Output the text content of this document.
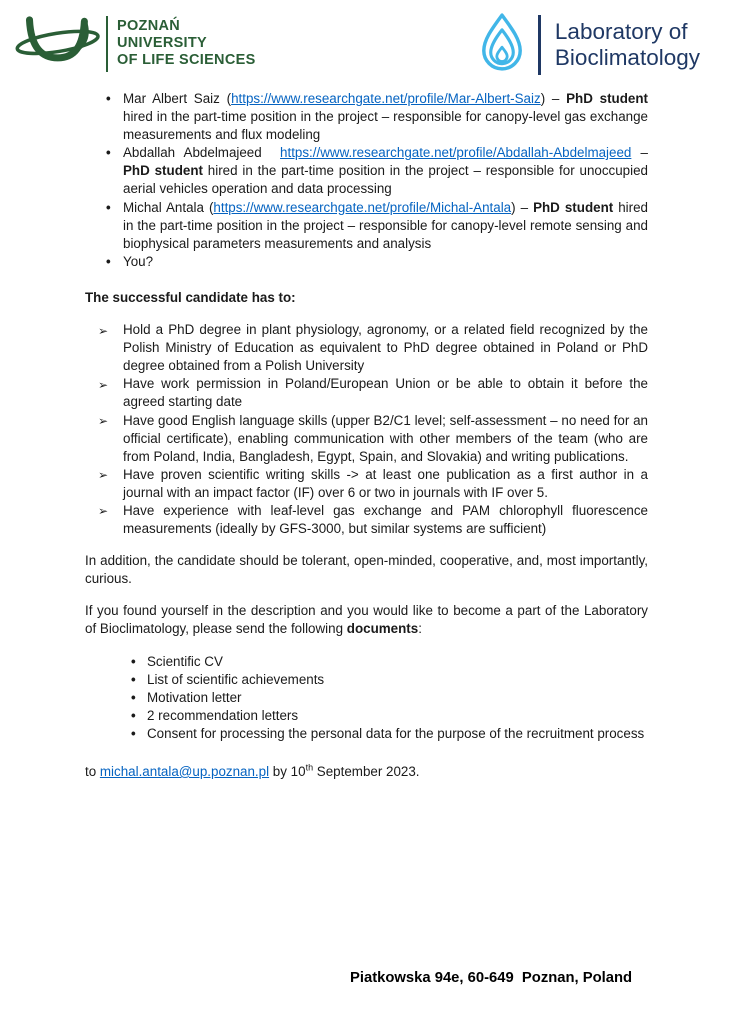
POZNAŃ
UNIVERSITY
OF LIFE SCIENCES
Laboratory of
Bioclimatology
• Mar Albert Saiz (https://www.researchgate.net/profile/Mar-Albert-Saiz) – PhD student hired in the part-time position in the project – responsible for canopy-level gas exchange measurements and flux modeling
• Abdallah Abdelmajeed  https://www.researchgate.net/profile/Abdallah-Abdelmajeed – PhD student hired in the part-time position in the project – responsible for unoccupied aerial vehicles operation and data processing
• Michal Antala (https://www.researchgate.net/profile/Michal-Antala) – PhD student hired in the part-time position in the project – responsible for canopy-level remote sensing and biophysical parameters measurements and analysis
• You?
The successful candidate has to:
➢ Hold a PhD degree in plant physiology, agronomy, or a related field recognized by the Polish Ministry of Education as equivalent to PhD degree obtained in Poland or PhD degree obtained from a Polish University
➢ Have work permission in Poland/European Union or be able to obtain it before the agreed starting date
➢ Have good English language skills (upper B2/C1 level; self-assessment – no need for an official certificate), enabling communication with other members of the team (who are from Poland, India, Bangladesh, Egypt, Spain, and Slovakia) and writing publications.
➢ Have proven scientific writing skills -> at least one publication as a first author in a journal with an impact factor (IF) over 6 or two in journals with IF over 5.
➢ Have experience with leaf-level gas exchange and PAM chlorophyll fluorescence measurements (ideally by GFS-3000, but similar systems are sufficient)

In addition, the candidate should be tolerant, open-minded, cooperative, and, most importantly, curious.

If you found yourself in the description and you would like to become a part of the Laboratory of Bioclimatology, please send the following documents:

• Scientific CV
• List of scientific achievements
• Motivation letter
• 2 recommendation letters
• Consent for processing the personal data for the purpose of the recruitment process

to michal.antala@up.poznan.pl by 10th September 2023.

Piatkowska 94e, 60-649  Poznan, Poland
